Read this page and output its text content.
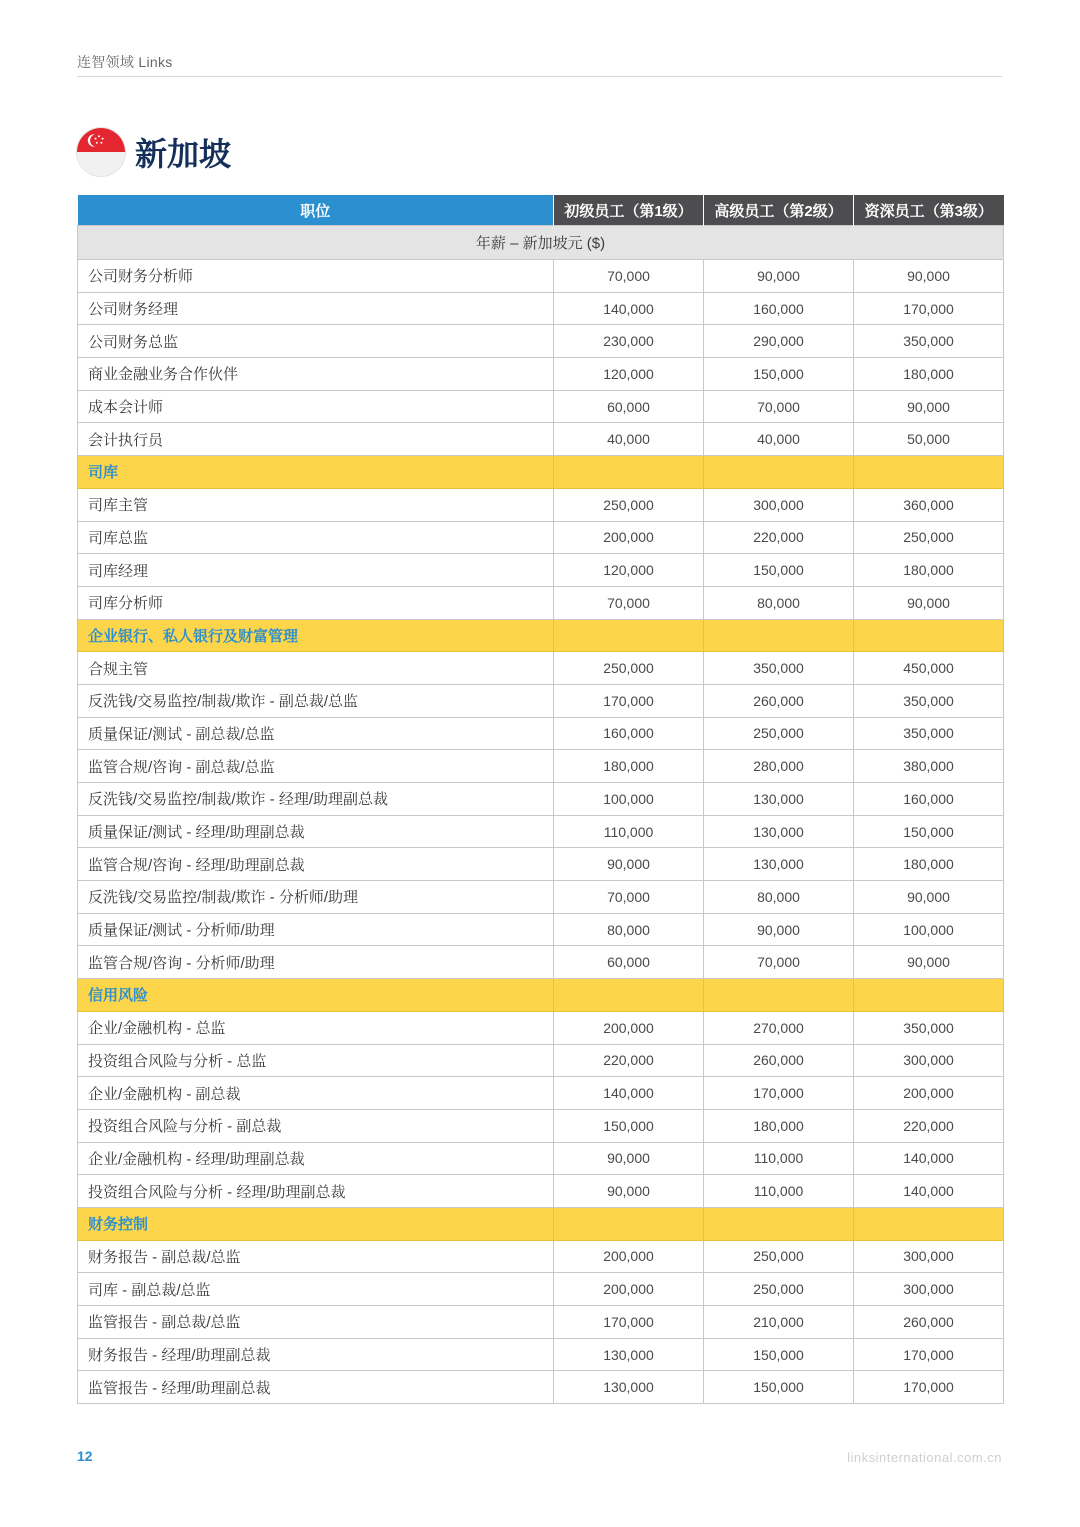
连智领域 Links
新加坡
职位	初级员工（第1级）	高级员工（第2级）	资深员工（第3级）
年薪 – 新加坡元 ($)			
公司财务分析师	70,000	90,000	90,000
公司财务经理	140,000	160,000	170,000
公司财务总监	230,000	290,000	350,000
商业金融业务合作伙伴	120,000	150,000	180,000
成本会计师	60,000	70,000	90,000
会计执行员	40,000	40,000	50,000
司库			
司库主管	250,000	300,000	360,000
司库总监	200,000	220,000	250,000
司库经理	120,000	150,000	180,000
司库分析师	70,000	80,000	90,000
企业银行、私人银行及财富管理			
合规主管	250,000	350,000	450,000
反洗钱/交易监控/制裁/欺诈 - 副总裁/总监	170,000	260,000	350,000
质量保证/测试 - 副总裁/总监	160,000	250,000	350,000
监管合规/咨询 - 副总裁/总监	180,000	280,000	380,000
反洗钱/交易监控/制裁/欺诈 - 经理/助理副总裁	100,000	130,000	160,000
质量保证/测试 - 经理/助理副总裁	110,000	130,000	150,000
监管合规/咨询 - 经理/助理副总裁	90,000	130,000	180,000
反洗钱/交易监控/制裁/欺诈 - 分析师/助理	70,000	80,000	90,000
质量保证/测试 - 分析师/助理	80,000	90,000	100,000
监管合规/咨询 - 分析师/助理	60,000	70,000	90,000
信用风险			
企业/金融机构 - 总监	200,000	270,000	350,000
投资组合风险与分析 - 总监	220,000	260,000	300,000
企业/金融机构 - 副总裁	140,000	170,000	200,000
投资组合风险与分析 - 副总裁	150,000	180,000	220,000
企业/金融机构 - 经理/助理副总裁	90,000	110,000	140,000
投资组合风险与分析 - 经理/助理副总裁	90,000	110,000	140,000
财务控制			
财务报告 - 副总裁/总监	200,000	250,000	300,000
司库 - 副总裁/总监	200,000	250,000	300,000
监管报告 - 副总裁/总监	170,000	210,000	260,000
财务报告 - 经理/助理副总裁	130,000	150,000	170,000
监管报告 - 经理/助理副总裁	130,000	150,000	170,000
12	linksinternational.com.cn
